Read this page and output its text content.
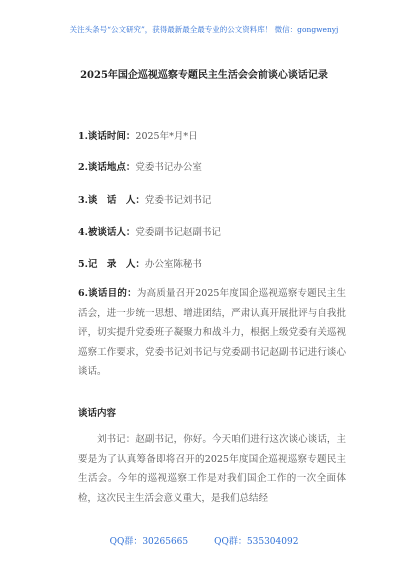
关注头条号“公文研究”，获得最新最全最专业的公文资料库！ 微信：gongwenyj
2025年国企巡视巡察专题民主生活会会前谈心谈话记录
1.谈话时间：2025年*月*日
2.谈话地点：党委书记办公室
3.谈　话　人：党委书记刘书记
4.被谈话人：党委副书记赵副书记
5.记　录　人：办公室陈秘书
6.谈话目的：为高质量召开2025年度国企巡视巡察专题民主生活会，进一步统一思想、增进团结，严肃认真开展批评与自我批评，切实提升党委班子凝聚力和战斗力，根据上级党委有关巡视巡察工作要求，党委书记刘书记与党委副书记赵副书记进行谈心谈话。
谈话内容
刘书记：赵副书记，你好。今天咱们进行这次谈心谈话，主要是为了认真筹备即将召开的2025年度国企巡视巡察专题民主生活会。今年的巡视巡察工作是对我们国企工作的一次全面体检，这次民主生活会意义重大，是我们总结经
QQ群：30265665	QQ群：535304092
